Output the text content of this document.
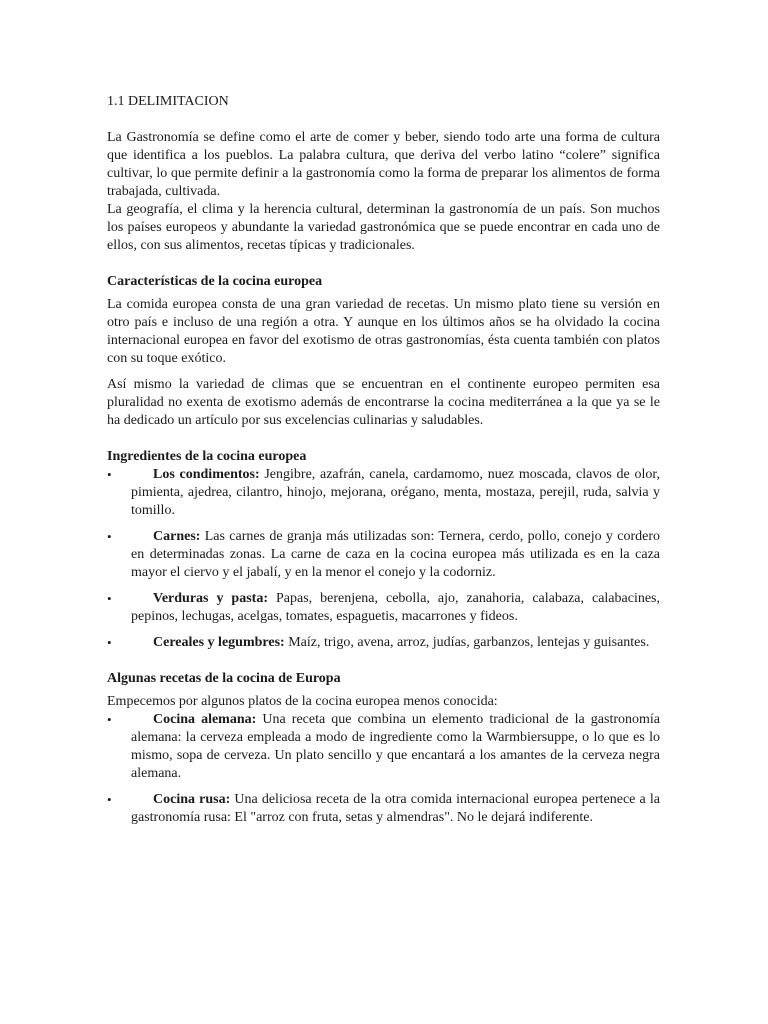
1.1 DELIMITACION

La Gastronomía se define como el arte de comer y beber, siendo todo arte una forma de cultura que identifica a los pueblos. La palabra cultura, que deriva del verbo latino “colere” significa cultivar, lo que permite definir a la gastronomía como la forma de preparar los alimentos de forma trabajada, cultivada.

La geografía, el clima y la herencia cultural, determinan la gastronomía de un país. Son muchos los países europeos y abundante la variedad gastronómica que se puede encontrar en cada uno de ellos, con sus alimentos, recetas típicas y tradicionales.

Características de la cocina europea

La comida europea consta de una gran variedad de recetas. Un mismo plato tiene su versión en otro país e incluso de una región a otra. Y aunque en los últimos años se ha olvidado la cocina internacional europea en favor del exotismo de otras gastronomías, ésta cuenta también con platos con su toque exótico.

Así mismo la variedad de climas que se encuentran en el continente europeo permiten esa pluralidad no exenta de exotismo además de encontrarse la cocina mediterránea a la que ya se le ha dedicado un artículo por sus excelencias culinarias y saludables.

Ingredientes de la cocina europea
•	Los condimentos: Jengibre, azafrán, canela, cardamomo, nuez moscada, clavos de olor, pimienta, ajedrea, cilantro, hinojo, mejorana, orégano, menta, mostaza, perejil, ruda, salvia y tomillo.
•	Carnes: Las carnes de granja más utilizadas son: Ternera, cerdo, pollo, conejo y cordero en determinadas zonas. La carne de caza en la cocina europea más utilizada es en la caza mayor el ciervo y el jabalí, y en la menor el conejo y la codorniz.
•	Verduras y pasta: Papas, berenjena, cebolla, ajo, zanahoria, calabaza, calabacines, pepinos, lechugas, acelgas, tomates, espaguetis, macarrones y fideos.
•	Cereales y legumbres: Maíz, trigo, avena, arroz, judías, garbanzos, lentejas y guisantes.
Algunas recetas de la cocina de Europa

Empecemos por algunos platos de la cocina europea menos conocida:

•	Cocina alemana: Una receta que combina un elemento tradicional de la gastronomía alemana: la cerveza empleada a modo de ingrediente como la Warmbiersuppe, o lo que es lo mismo, sopa de cerveza. Un plato sencillo y que encantará a los amantes de la cerveza negra alemana.
•	Cocina rusa: Una deliciosa receta de la otra comida internacional europea pertenece a la gastronomía rusa: El "arroz con fruta, setas y almendras". No le dejará indiferente.
